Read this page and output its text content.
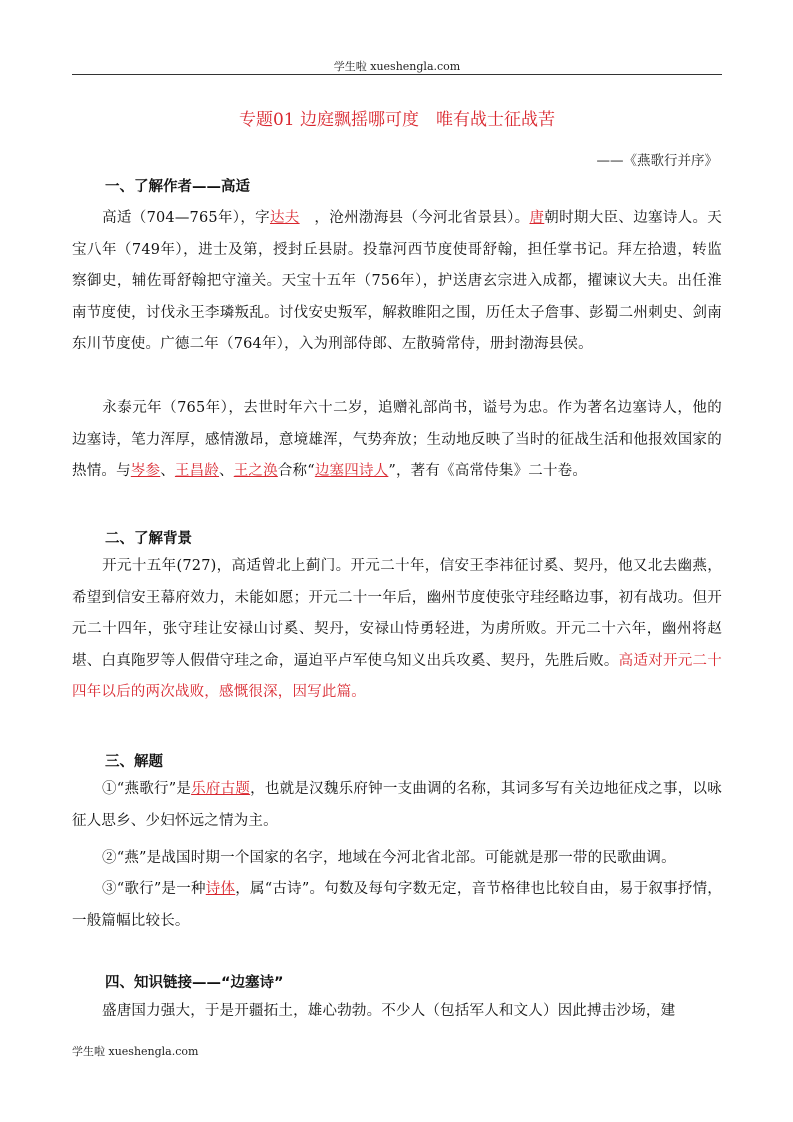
学生啦 xueshengla.com
专题01 边庭飘摇哪可度　唯有战士征战苦
——《燕歌行并序》
一、了解作者——高适
高适（704—765年），字达夫　，沧州渤海县（今河北省景县）。唐朝时期大臣、边塞诗人。天宝八年（749年），进士及第，授封丘县尉。投靠河西节度使哥舒翰，担任掌书记。拜左拾遗，转监察御史，辅佐哥舒翰把守潼关。天宝十五年（756年），护送唐玄宗进入成都，擢谏议大夫。出任淮南节度使，讨伐永王李璘叛乱。讨伐安史叛军，解救睢阳之围，历任太子詹事、彭蜀二州刺史、剑南东川节度使。广德二年（764年），入为刑部侍郎、左散骑常侍，册封渤海县侯。
永泰元年（765年），去世时年六十二岁，追赠礼部尚书，谥号为忠。作为著名边塞诗人，他的边塞诗，笔力浑厚，感情激昂，意境雄浑，气势奔放；生动地反映了当时的征战生活和他报效国家的热情。与岑参、王昌龄、王之涣合称“边塞四诗人”，著有《高常侍集》二十卷。
二、了解背景
开元十五年(727)，高适曾北上蓟门。开元二十年，信安王李祎征讨奚、契丹，他又北去幽燕，希望到信安王幕府效力，未能如愿；开元二十一年后，幽州节度使张守珪经略边事，初有战功。但开元二十四年，张守珪让安禄山讨奚、契丹，安禄山恃勇轻进，为虏所败。开元二十六年，幽州将赵堪、白真陁罗等人假借守珪之命，逼迫平卢军使乌知义出兵攻奚、契丹，先胜后败。高适对开元二十四年以后的两次战败，感慨很深，因写此篇。
三、解题
①“燕歌行”是乐府古题，也就是汉魏乐府钟一支曲调的名称，其词多写有关边地征戍之事，以咏征人思乡、少妇怀远之情为主。
②“燕”是战国时期一个国家的名字，地域在今河北省北部。可能就是那一带的民歌曲调。
③“歌行”是一种诗体，属“古诗”。句数及每句字数无定，音节格律也比较自由，易于叙事抒情，一般篇幅比较长。
四、知识链接——“边塞诗”
盛唐国力强大，于是开疆拓土，雄心勃勃。不少人（包括军人和文人）因此搏击沙场，建
学生啦 xueshengla.com
